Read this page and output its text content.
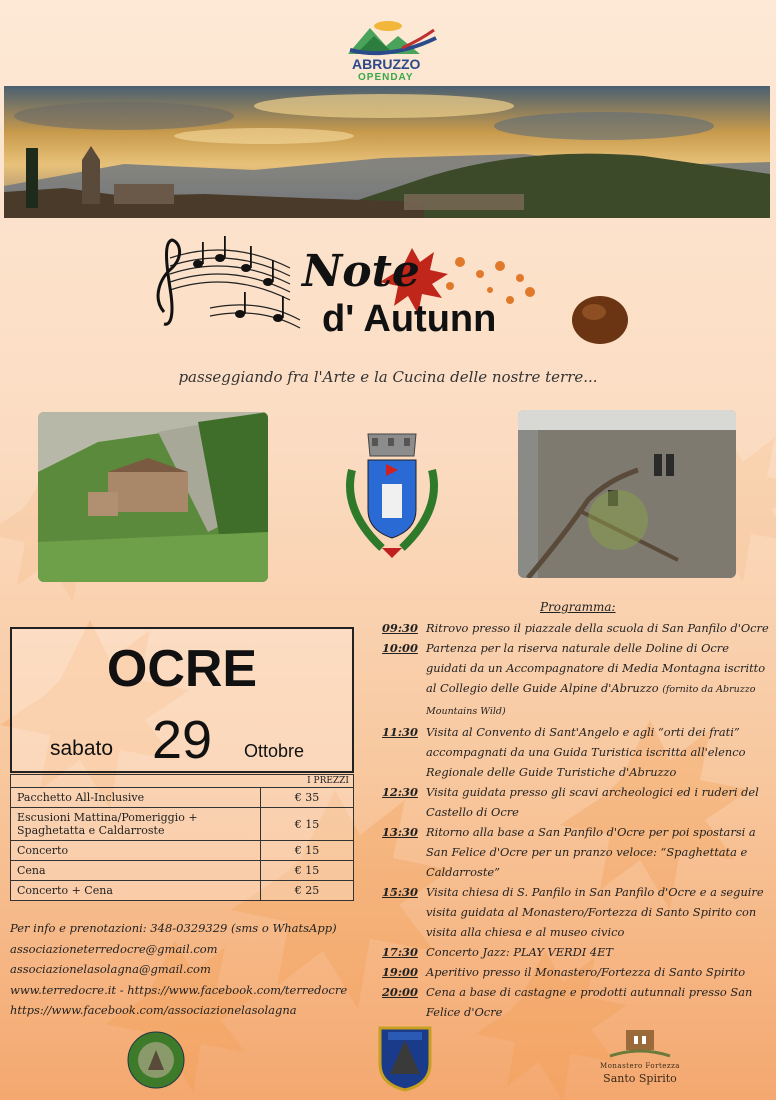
ABRUZZO
OPENDAY
Note
d' Autunn
passeggiando fra l'Arte e la Cucina delle nostre terre...
OCRE
sabato 29 Ottobre
I PREZZI	
Pacchetto All-Inclusive	€ 35
Escusioni Mattina/Pomeriggio + Spaghetatta e Caldarroste	€ 15
Concerto	€ 15
Cena	€ 15
Concerto + Cena	€ 25
Per info e prenotazioni: 348-0329329 (sms o WhatsApp)
associazioneterredocre@gmail.com
associazionelasolagna@gmail.com
www.terredocre.it - https://www.facebook.com/terredocre
https://www.facebook.com/associazionelasolagna
Programma:
09:30 Ritrovo presso il piazzale della scuola di San Panfilo d'Ocre
10:00 Partenza per la riserva naturale delle Doline di Ocre guidati da un Accompagnatore di Media Montagna iscritto al Collegio delle Guide Alpine d'Abruzzo (fornito da Abruzzo Mountains Wild)
11:30 Visita al Convento di Sant'Angelo e agli “orti dei frati” accompagnati da una Guida Turistica iscritta all'elenco Regionale delle Guide Turistiche d'Abruzzo
12:30 Visita guidata presso gli scavi archeologici ed i ruderi del Castello di Ocre
13:30 Ritorno alla base a San Panfilo d'Ocre per poi spostarsi a San Felice d'Ocre per un pranzo veloce: “Spaghettata e Caldarroste”
15:30 Visita chiesa di S. Panfilo in San Panfilo d'Ocre e a seguire visita guidata al Monastero/Fortezza di Santo Spirito con visita alla chiesa e al museo civico
17:30 Concerto Jazz: PLAY VERDI 4ET
19:00 Aperitivo presso il Monastero/Fortezza di Santo Spirito
20:00 Cena a base di castagne e prodotti autunnali presso San Felice d'Ocre
Monastero Fortezza
Santo Spirito
